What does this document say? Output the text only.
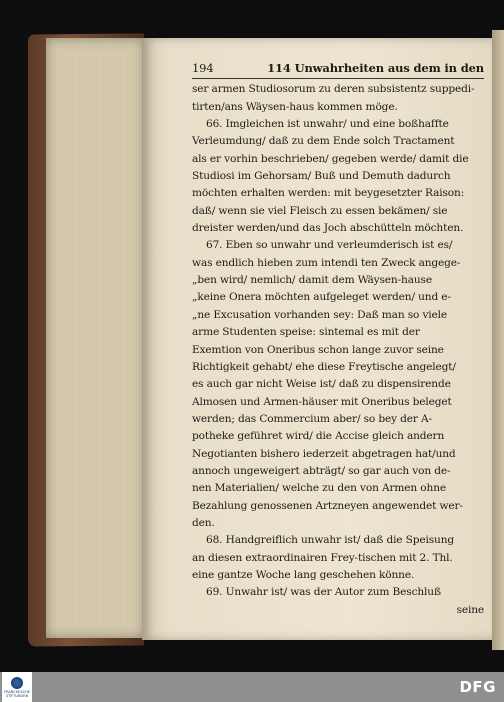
194	114 Unwahrheiten aus dem in den
ser armen Studiosorum zu deren subsistentz suppedi-
tirten/ans Wäysen-haus kommen möge.
66. Imgleichen ist unwahr/ und eine boßhaffte
Verleumdung/ daß zu dem Ende solch Tractament
als er vorhin beschrieben/ gegeben werde/ damit die
Studiosi im Gehorsam/ Buß und Demuth dadurch
möchten erhalten werden: mit beygesetzter Raison:
daß/ wenn sie viel Fleisch zu essen bekämen/ sie
dreister werden/und das Joch abschütteln möchten.
67. Eben so unwahr und verleumderisch ist es/
was endlich hieben zum intendi ten Zweck angege-
„ben wird/ nemlich/ damit dem Wäysen-hause
„keine Onera möchten aufgeleget werden/ und e-
„ne Excusation vorhanden sey: Daß man so viele
arme Studenten speise: sintemal es mit der
Exemtion von Oneribus schon lange zuvor seine
Richtigkeit gehabt/ ehe diese Freytische angelegt/
es auch gar nicht Weise ist/ daß zu dispensirende
Almosen und Armen-häuser mit Oneribus beleget
werden; das Commercium aber/ so bey der A-
potheke geführet wird/ die Accise gleich andern
Negotianten bishero iederzeit abgetragen hat/und
annoch ungeweigert abträgt/ so gar auch von de-
nen Materialien/ welche zu den von Armen ohne
Bezahlung genossenen Artzneyen angewendet wer-
den.
68. Handgreiflich unwahr ist/ daß die Speisung
an diesen extraordinairen Frey-tischen mit 2. Thl.
eine gantze Woche lang geschehen könne.
69. Unwahr ist/ was der Autor zum Beschluß
seine
FRANCKESCHE STIFTUNGEN	DFG
